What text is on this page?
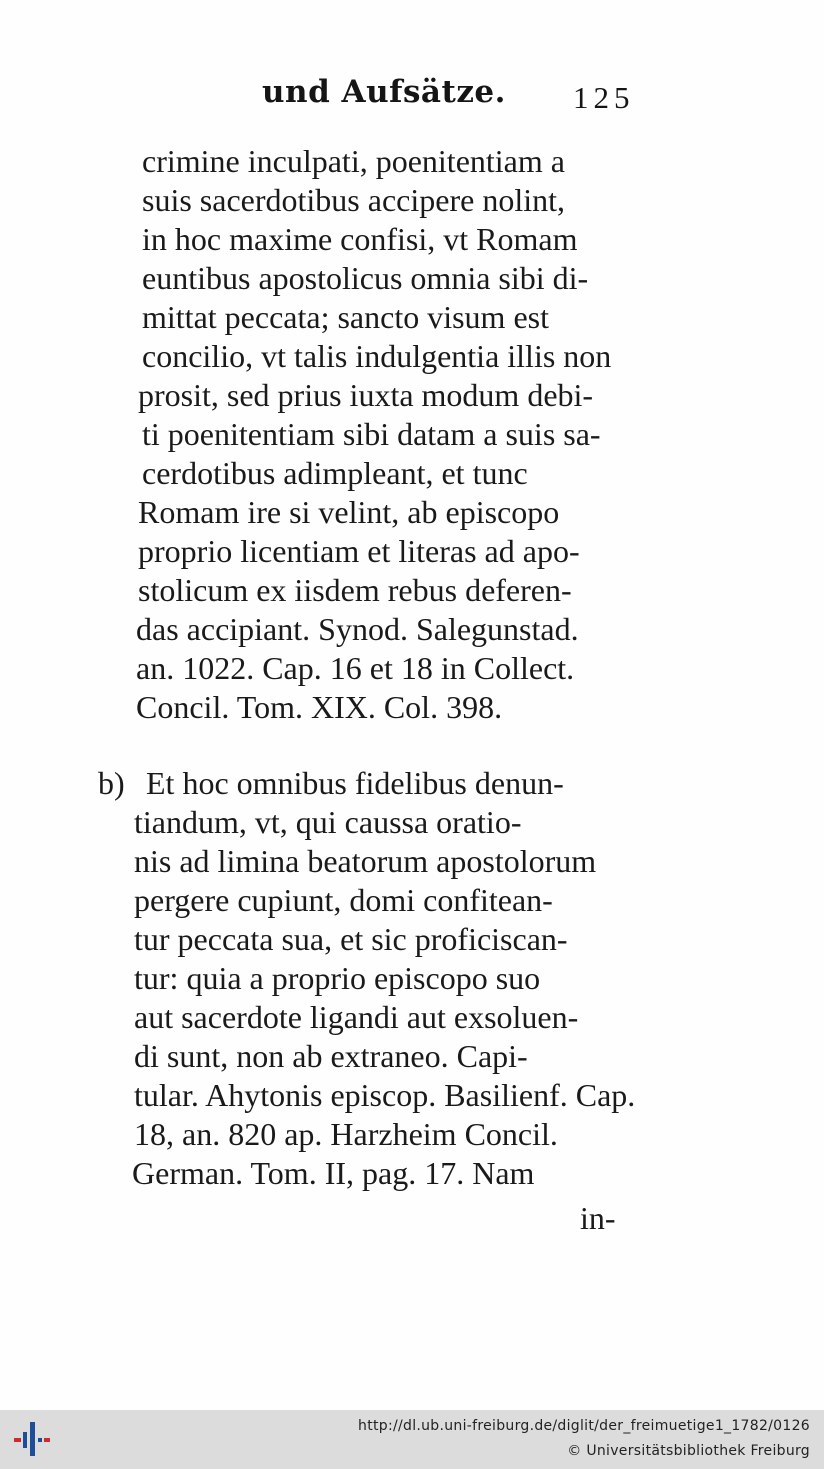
und Aufsätze. 125
crimine inculpati, poenitentiam a
suis sacerdotibus accipere nolint,
in hoc maxime confisi, vt Romam
euntibus apostolicus omnia sibi di-
mittat peccata; sancto visum est
concilio, vt talis indulgentia illis non
prosit, sed prius iuxta modum debi-
ti poenitentiam sibi datam a suis sa-
cerdotibus adimpleant, et tunc
Romam ire si velint, ab episcopo
proprio licentiam et literas ad apo-
stolicum ex iisdem rebus deferen-
das accipiant. Synod. Salegunstad.
an. 1022. Cap. 16 et 18 in Collect.
Concil. Tom. XIX. Col. 398.
b) Et hoc omnibus fidelibus denun-
tiandum, vt, qui caussa oratio-
nis ad limina beatorum apostolorum
pergere cupiunt, domi confitean-
tur peccata sua, et sic proficiscan-
tur: quia a proprio episcopo suo
aut sacerdote ligandi aut exsoluen-
di sunt, non ab extraneo. Capi-
tular. Ahytonis episcop. Basilienf. Cap.
18, an. 820 ap. Harzheim Concil.
German. Tom. II, pag. 17. Nam
in-
http://dl.ub.uni-freiburg.de/diglit/der_freimuetige1_1782/0126
© Universitätsbibliothek Freiburg
